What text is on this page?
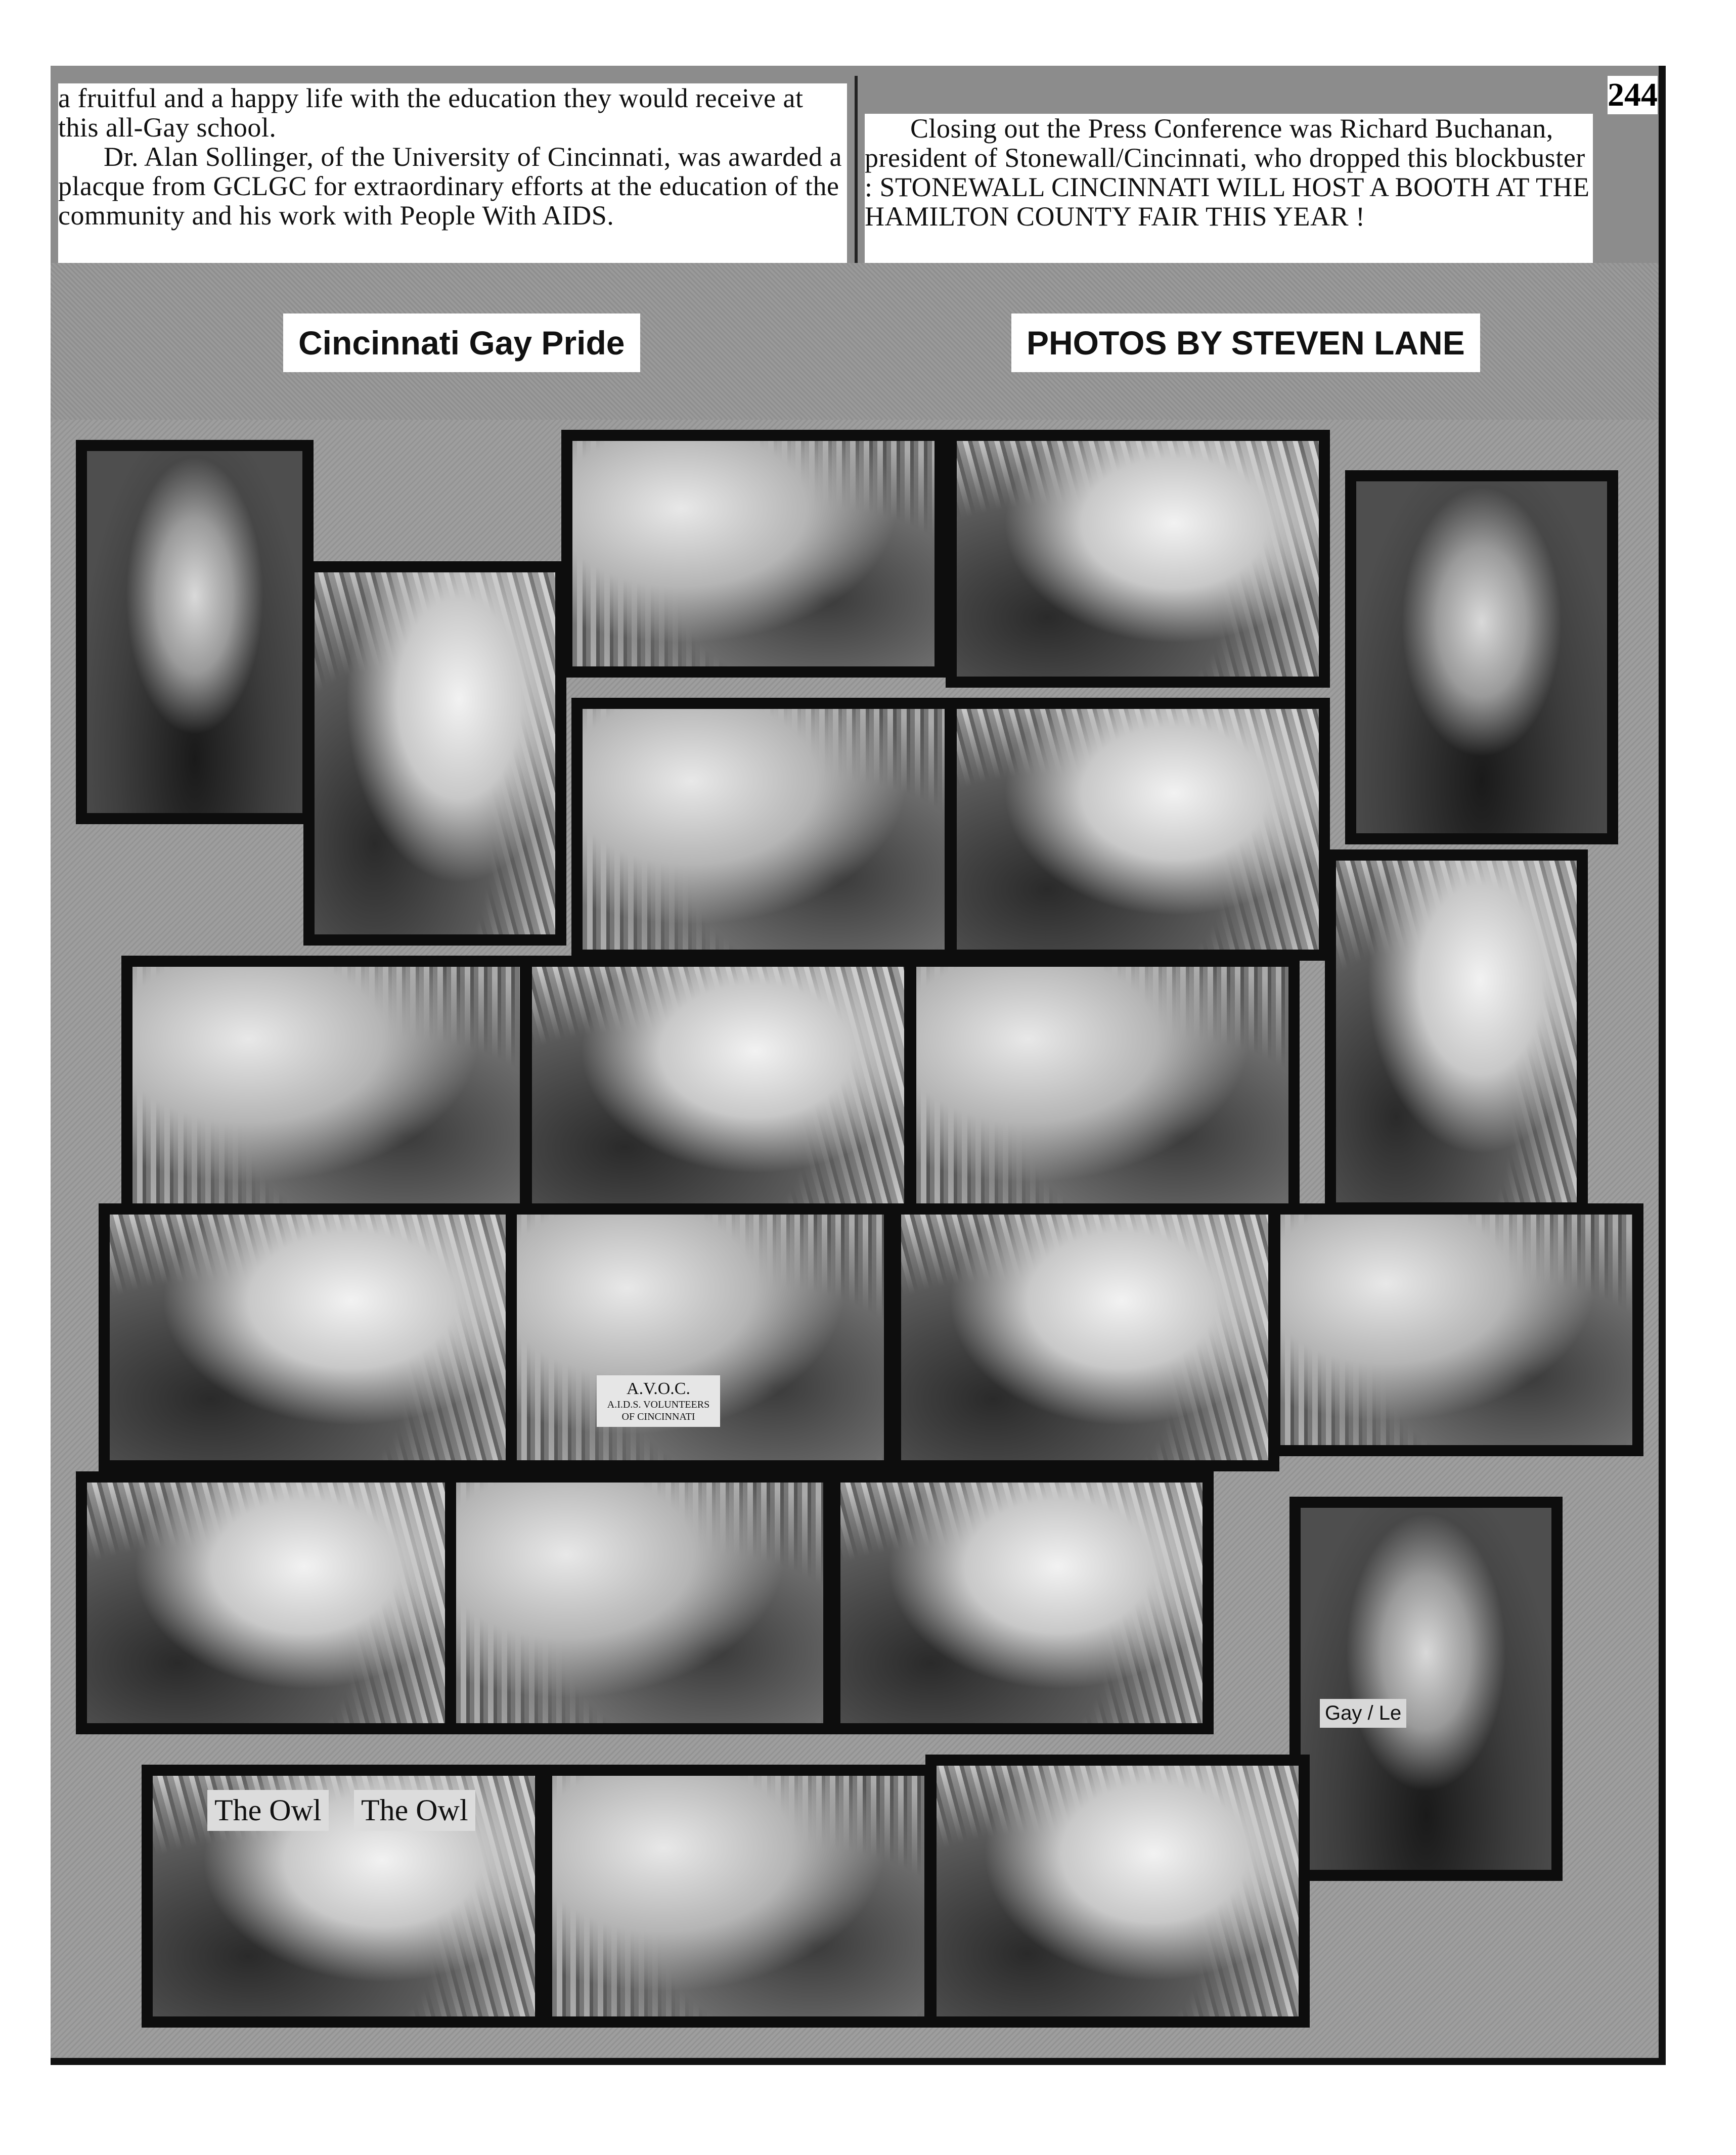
a fruitful and a happy life with the education they would receive at this all-Gay school.

Dr. Alan Sollinger, of the University of Cincinnati, was awarded a placque from GCLGC for extraordinary efforts at the education of the community and his work with People With AIDS.

Closing out the Press Conference was Richard Buchanan, president of Stonewall/Cincinnati, who dropped this blockbuster : STONEWALL CINCINNATI WILL HOST A BOOTH AT THE HAMILTON COUNTY FAIR THIS YEAR !

244
Cincinnati Gay Pride	PHOTOS BY STEVEN LANE
Gay / Le
The Owl The Owl
A.V.O.C.
A.I.D.S. VOLUNTEERS OF CINCINNATI
